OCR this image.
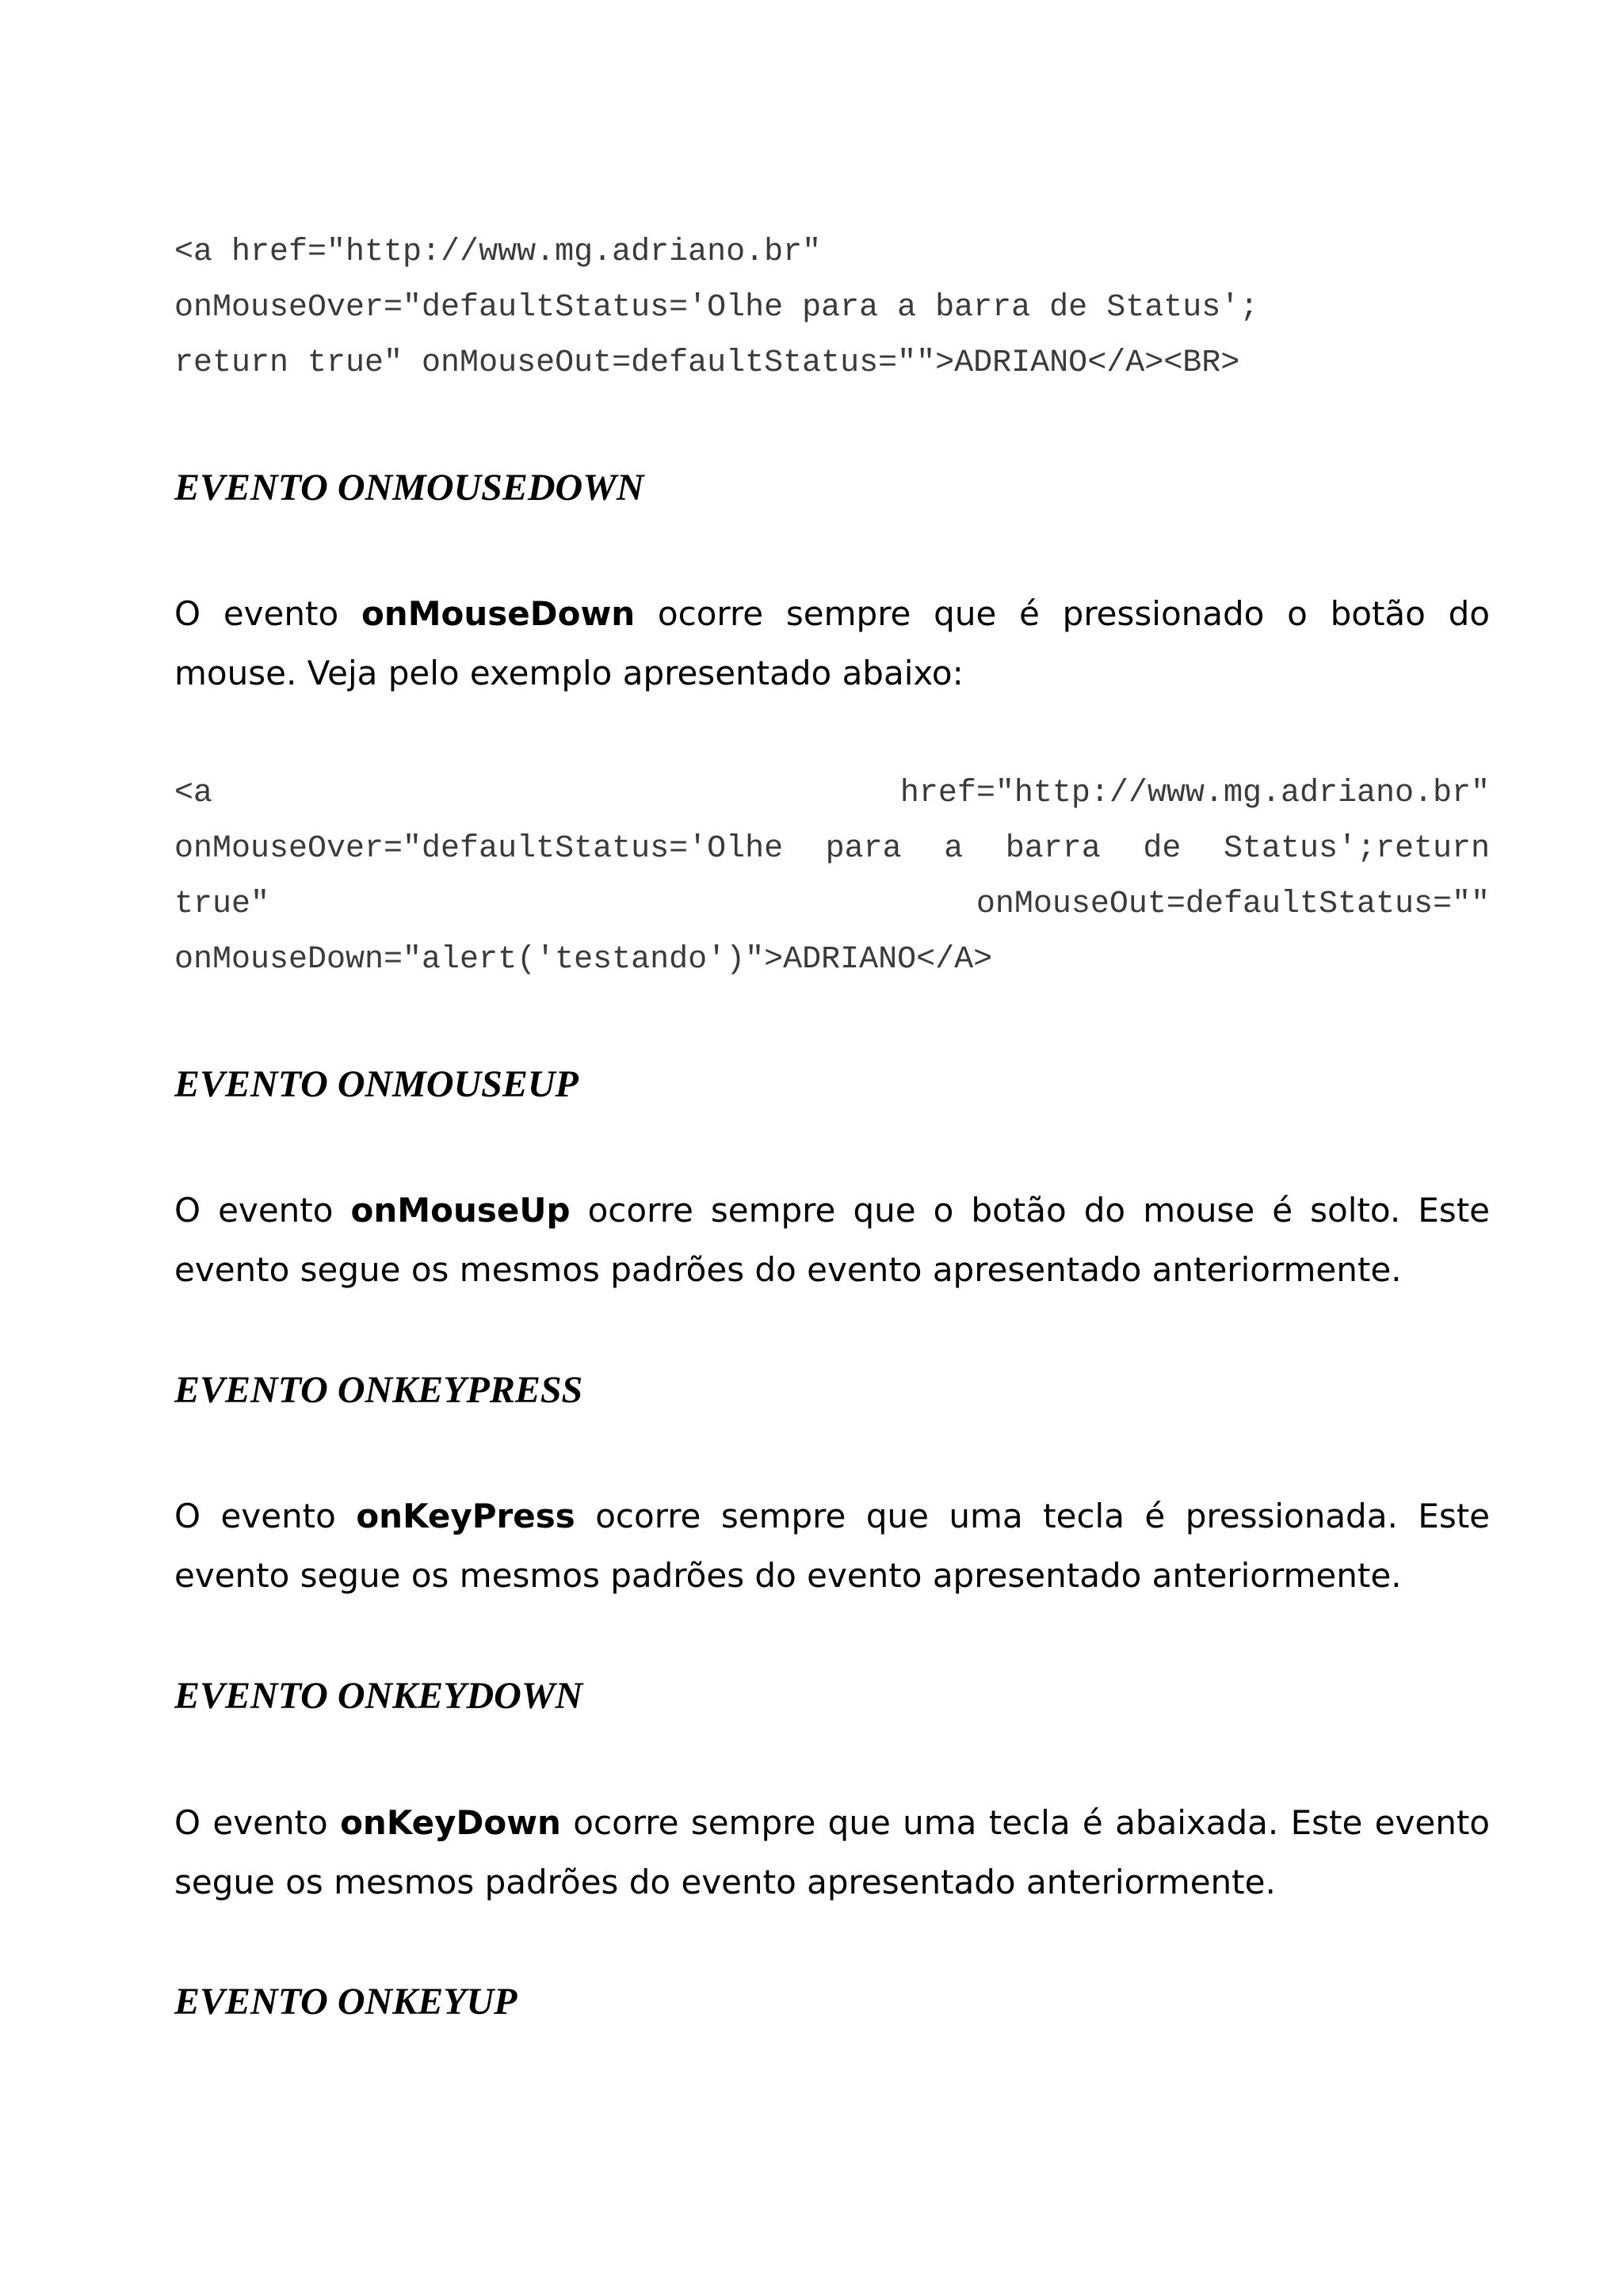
<a href="http://www.mg.adriano.br"
onMouseOver="defaultStatus='Olhe para a barra de Status';
return true" onMouseOut=defaultStatus="">ADRIANO</A><BR>
EVENTO ONMOUSEDOWN

O evento onMouseDown ocorre sempre que é pressionado o botão do mouse. Veja pelo exemplo apresentado abaixo:

<a	href="http://www.mg.adriano.br"
onMouseOver="defaultStatus='Olhe para a barra de Status';return
true"	onMouseOut=defaultStatus=""
onMouseDown="alert('testando')">ADRIANO</A>
EVENTO ONMOUSEUP

O evento onMouseUp ocorre sempre que o botão do mouse é solto. Este evento segue os mesmos padrões do evento apresentado anteriormente.

EVENTO ONKEYPRESS

O evento onKeyPress ocorre sempre que uma tecla é pressionada. Este evento segue os mesmos padrões do evento apresentado anteriormente.

EVENTO ONKEYDOWN

O evento onKeyDown ocorre sempre que uma tecla é abaixada. Este evento segue os mesmos padrões do evento apresentado anteriormente.

EVENTO ONKEYUP
